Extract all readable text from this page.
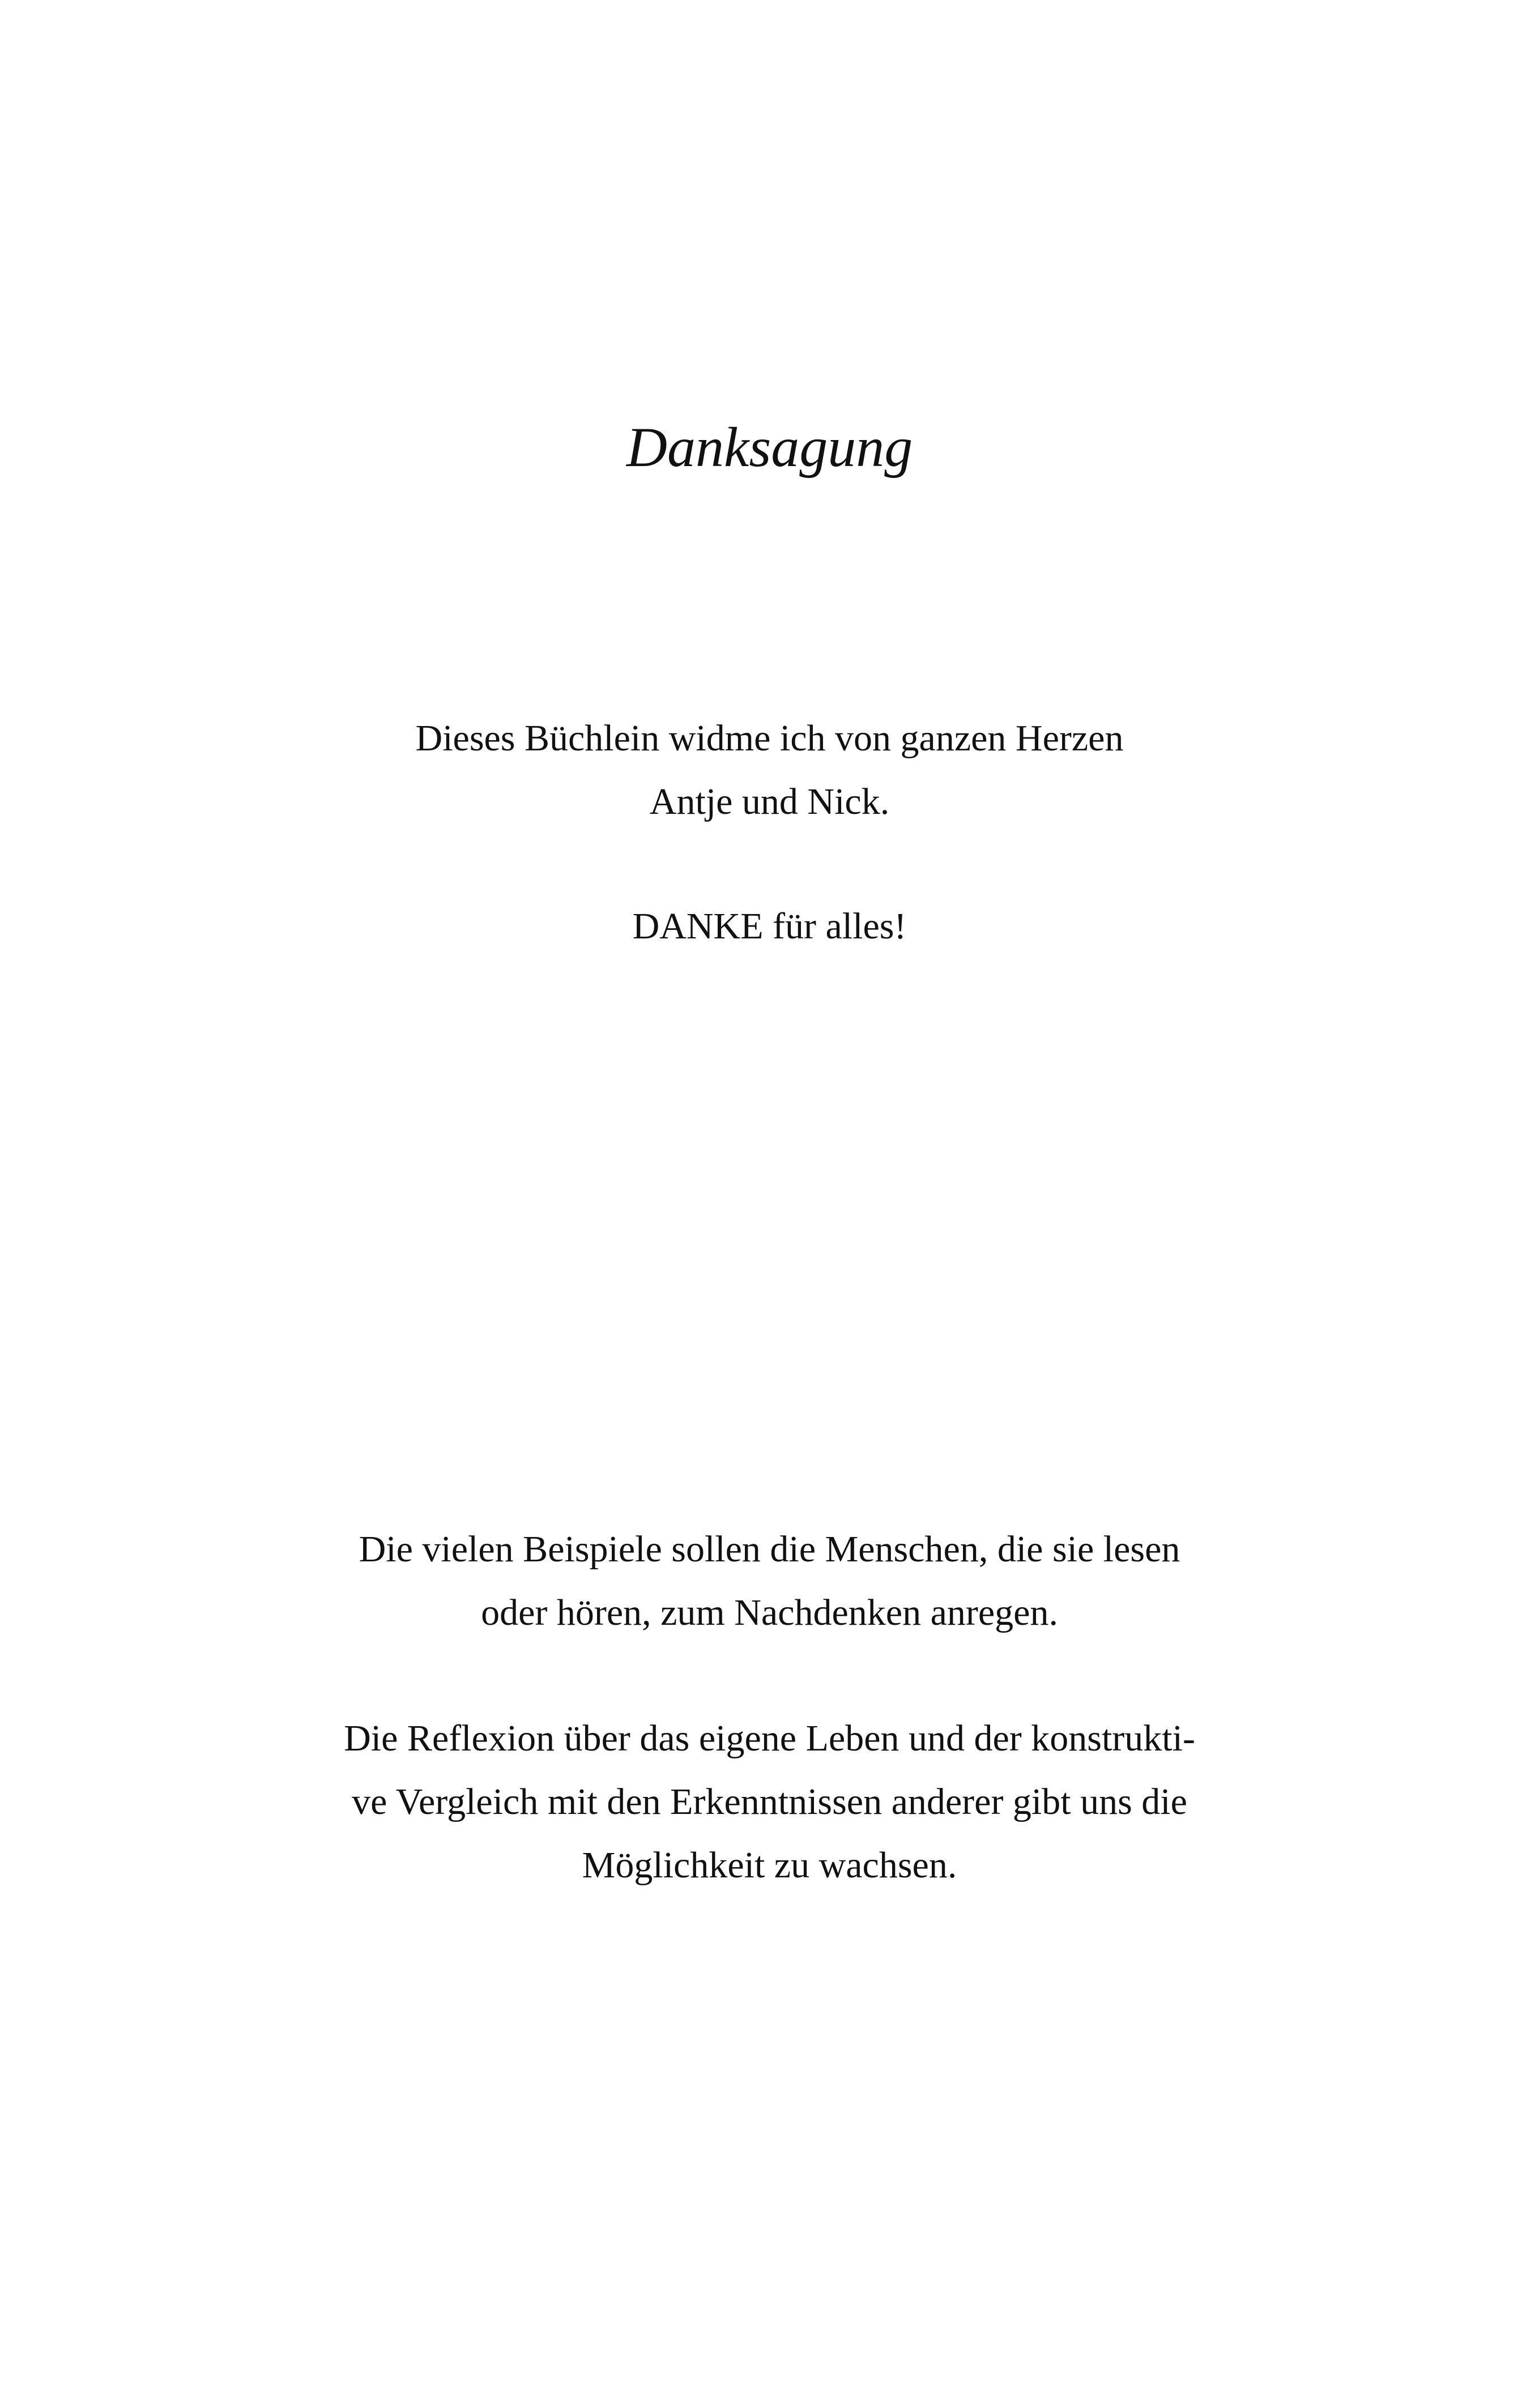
Danksagung
Dieses Büchlein widme ich von ganzen Herzen
Antje und Nick.
DANKE für alles!
Die vielen Beispiele sollen die Menschen, die sie lesen
oder hören, zum Nachdenken anregen.
Die Reflexion über das eigene Leben und der konstrukti-
ve Vergleich mit den Erkenntnissen anderer gibt uns die
Möglichkeit zu wachsen.
